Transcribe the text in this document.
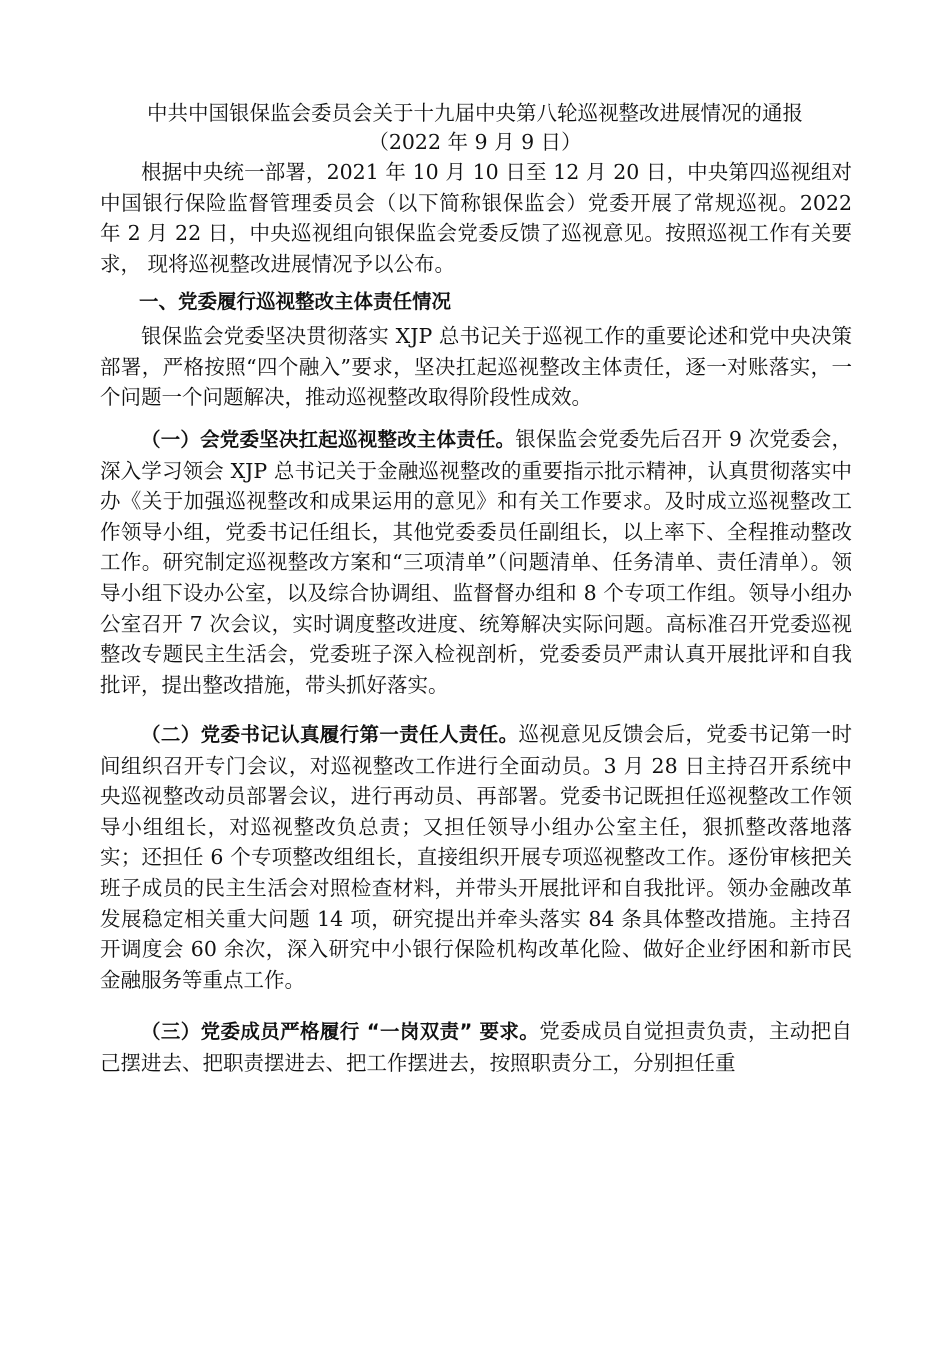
中共中国银保监会委员会关于十九届中央第八轮巡视整改进展情况的通报
（2022 年 9 月 9 日）

根据中央统一部署，2021 年 10 月 10 日至 12 月 20 日，中央第四巡视组对中国银行保险监督管理委员会（以下简称银保监会）党委开展了常规巡视。2022 年 2 月 22 日，中央巡视组向银保监会党委反馈了巡视意见。按照巡视工作有关要求， 现将巡视整改进展情况予以公布。

一、党委履行巡视整改主体责任情况

银保监会党委坚决贯彻落实 XJP 总书记关于巡视工作的重要论述和党中央决策部署，严格按照“四个融入”要求，坚决扛起巡视整改主体责任，逐一对账落实，一个问题一个问题解决，推动巡视整改取得阶段性成效。

（一）会党委坚决扛起巡视整改主体责任。银保监会党委先后召开 9 次党委会，深入学习领会 XJP 总书记关于金融巡视整改的重要指示批示精神，认真贯彻落实中办《关于加强巡视整改和成果运用的意见》和有关工作要求。及时成立巡视整改工作领导小组，党委书记任组长，其他党委委员任副组长，以上率下、全程推动整改工作。研究制定巡视整改方案和“三项清单”（问题清单、任务清单、责任清单）。领导小组下设办公室，以及综合协调组、监督督办组和 8 个专项工作组。领导小组办公室召开 7 次会议，实时调度整改进度、统筹解决实际问题。高标准召开党委巡视整改专题民主生活会，党委班子深入检视剖析，党委委员严肃认真开展批评和自我批评，提出整改措施，带头抓好落实。

（二）党委书记认真履行第一责任人责任。巡视意见反馈会后，党委书记第一时间组织召开专门会议，对巡视整改工作进行全面动员。3 月 28 日主持召开系统中央巡视整改动员部署会议，进行再动员、再部署。党委书记既担任巡视整改工作领导小组组长，对巡视整改负总责；又担任领导小组办公室主任，狠抓整改落地落实；还担任 6 个专项整改组组长，直接组织开展专项巡视整改工作。逐份审核把关班子成员的民主生活会对照检查材料，并带头开展批评和自我批评。领办金融改革发展稳定相关重大问题 14 项，研究提出并牵头落实 84 条具体整改措施。主持召开调度会 60 余次，深入研究中小银行保险机构改革化险、做好企业纾困和新市民金融服务等重点工作。

（三）党委成员严格履行 “一岗双责” 要求。党委成员自觉担责负责，主动把自己摆进去、把职责摆进去、把工作摆进去，按照职责分工，分别担任重
